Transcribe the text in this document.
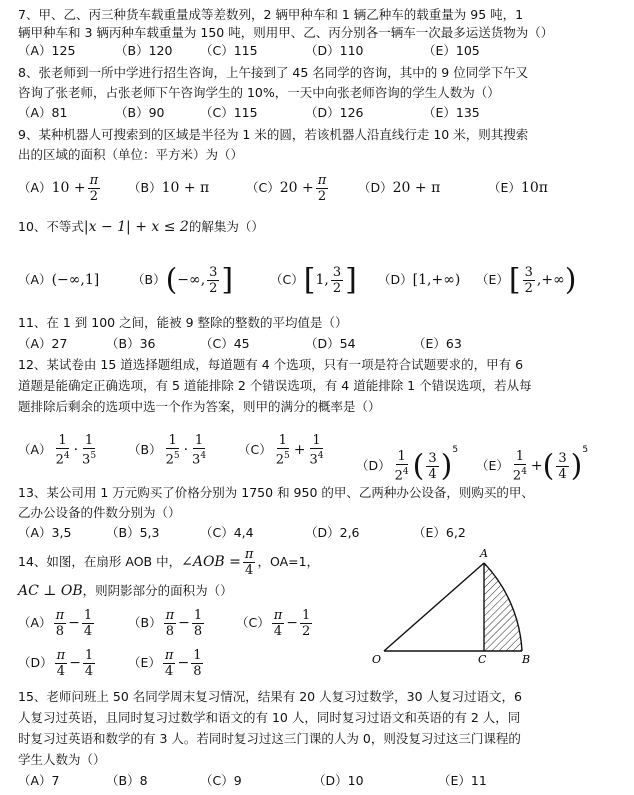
7、甲、乙、丙三种货车载重量成等差数列，2 辆甲种车和 1 辆乙种车的载重量为 95 吨，1
辆甲种车和 3 辆丙种车载重量为 150 吨，则用甲、乙、丙分别各一辆车一次最多运送货物为（）
（A）125	（B）120 （C）115	（D）110	（E）105
8、张老师到一所中学进行招生咨询，上午接到了 45 名同学的咨询，其中的 9 位同学下午又
咨询了张老师，占张老师下午咨询学生的 10%，一天中向张老师咨询的学生人数为（）
（A）81	（B）90	（C）115	（D）126	（E）135
9、某种机器人可搜索到的区域是半径为 1 米的圆，若该机器人沿直线行走 10 米，则其搜索
出的区域的面积（单位：平方米）为（）
$(A)10 + \frac{\pi}{2} (B)10 + \pi$	$(C)20 + \frac{\pi}{2} (D)20 + \pi$	（E）10π
10、不等式|x − 1| + x ≤ 2的解集为（）
（A）(−∞,1]	（B）(−∞, $\frac{3}{2}$ ]	（C）[1, $\frac{3}{2}$ ] （D）[1,+∞) $(E)[ \frac{3}{2}$ ,+∞)
11、在 1 到 100 之间，能被 9 整除的整数的平均值是（）
（A）27	（B）36	（C）45	（D）54	（E）63
12、某试卷由 15 道选择题组成，每道题有 4 个选项，只有一项是符合试题要求的，甲有 6
道题是能确定正确选项，有 5 道能排除 2 个错误选项，有 4 道能排除 1 个错误选项，若从每
题排除后剩余的选项中选一个作为答案，则甲的满分的概率是（）
$(A) \frac{1}{2^4} \cdot \frac{1}{3^5} (B) \frac{1}{2^5} \cdot \frac{1}{3^4} (C) \frac{1}{2^5} + \frac{1}{3^4} (D) \frac{1}{2^4}$ ( $\frac{3}{4} )^5$
$(E) \frac{1}{2^4}$ +( $\frac{3}{4} )^5$
13、某公司用 1 万元购买了价格分别为 1750 和 950 的甲、乙两种办公设备，则购买的甲、
乙办公设备的件数分别为（）
（A）3,5	（B）5,3	（C）4,4	（D）2,6	（E）6,2
14、如图，在扇形 AOB 中，∠AOB = $\frac{\pi}{4}$ ，OA=1，
AC ⊥ OB，则阴影部分的面积为（）
$(A) \frac{\pi}{8} - \frac{1}{4}$	$(B) \frac{\pi}{8} - \frac{1}{8}$	$(C) \frac{\pi}{4} - \frac{1}{2}$
$(D) \frac{\pi}{4} - \frac{1}{4}$	$(E) \frac{\pi}{4} - \frac{1}{8}$
A
O	C	B
15、老师问班上 50 名同学周末复习情况，结果有 20 人复习过数学，30 人复习过语文，6
人复习过英语，且同时复习过数学和语文的有 10 人，同时复习过语文和英语的有 2 人，同
时复习过英语和数学的有 3 人。若同时复习过这三门课的人为 0，则没复习过这三门课程的
学生人数为（）
（A）7	（B）8	（C）9	（D）10	（E）11
